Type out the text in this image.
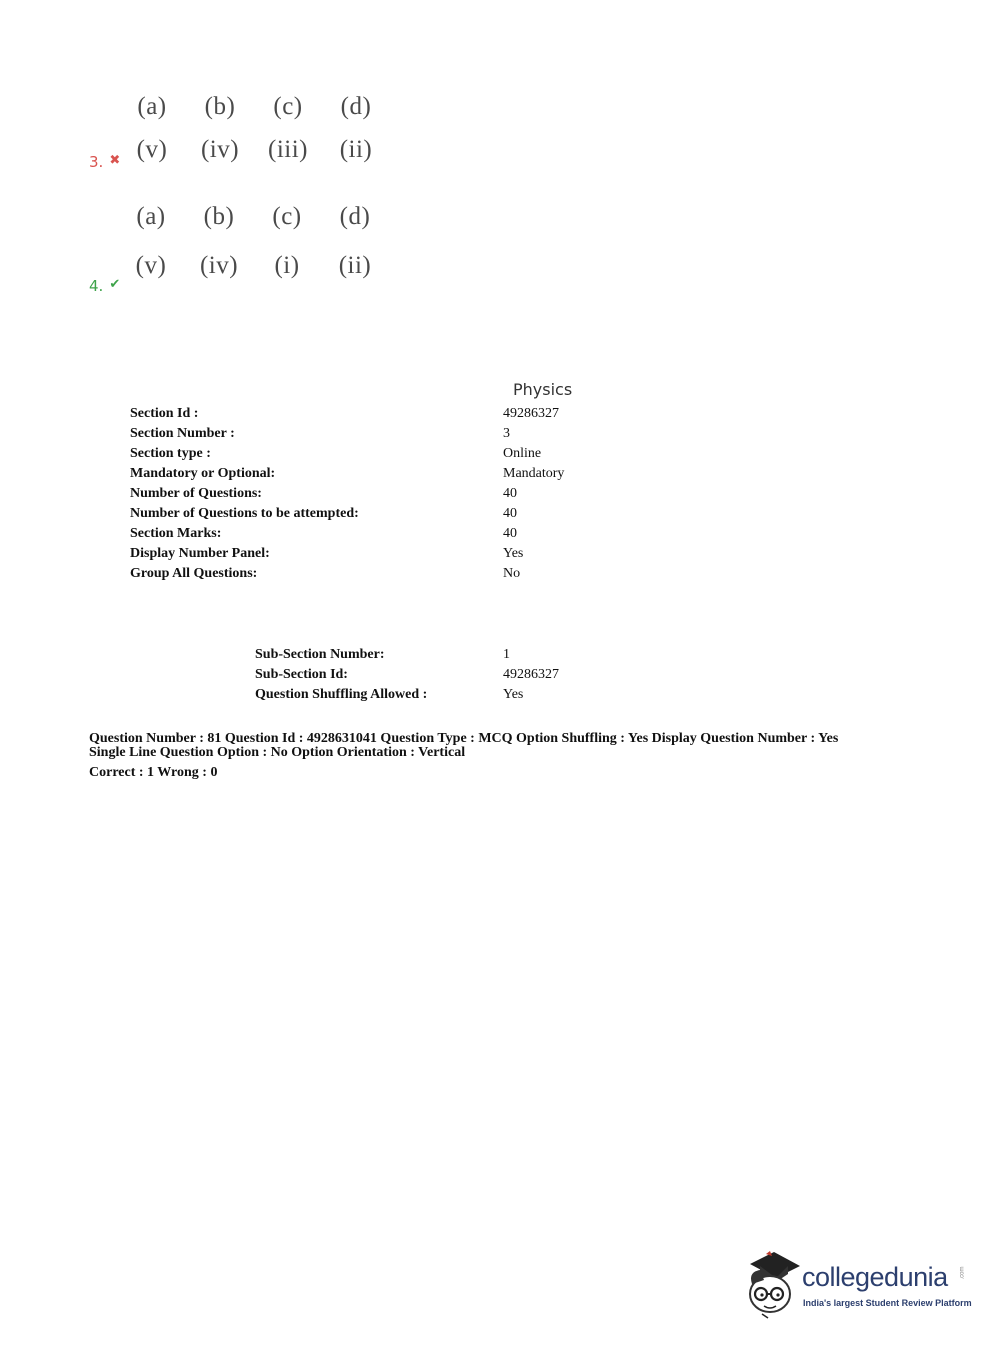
(a)	(b)	(c)	(d)
(v)	(iv) (iii)	(ii)
3. ✖
(a)	(b)	(c)	(d)
(v)	(iv)	(i)	(ii)
4. ✔
Physics
Section Id :	49286327
Section Number :	3
Section type :	Online
Mandatory or Optional:	Mandatory
Number of Questions:	40
Number of Questions to be attempted:	40
Section Marks:	40
Display Number Panel:	Yes
Group All Questions:	No
Sub-Section Number:	1
Sub-Section Id:	49286327
Question Shuffling Allowed :	Yes
Question Number : 81 Question Id : 4928631041 Question Type : MCQ Option Shuffling : Yes Display Question Number : Yes
Single Line Question Option : No Option Orientation : Vertical
Correct : 1 Wrong : 0
collegedunia .com
India's largest Student Review Platform
